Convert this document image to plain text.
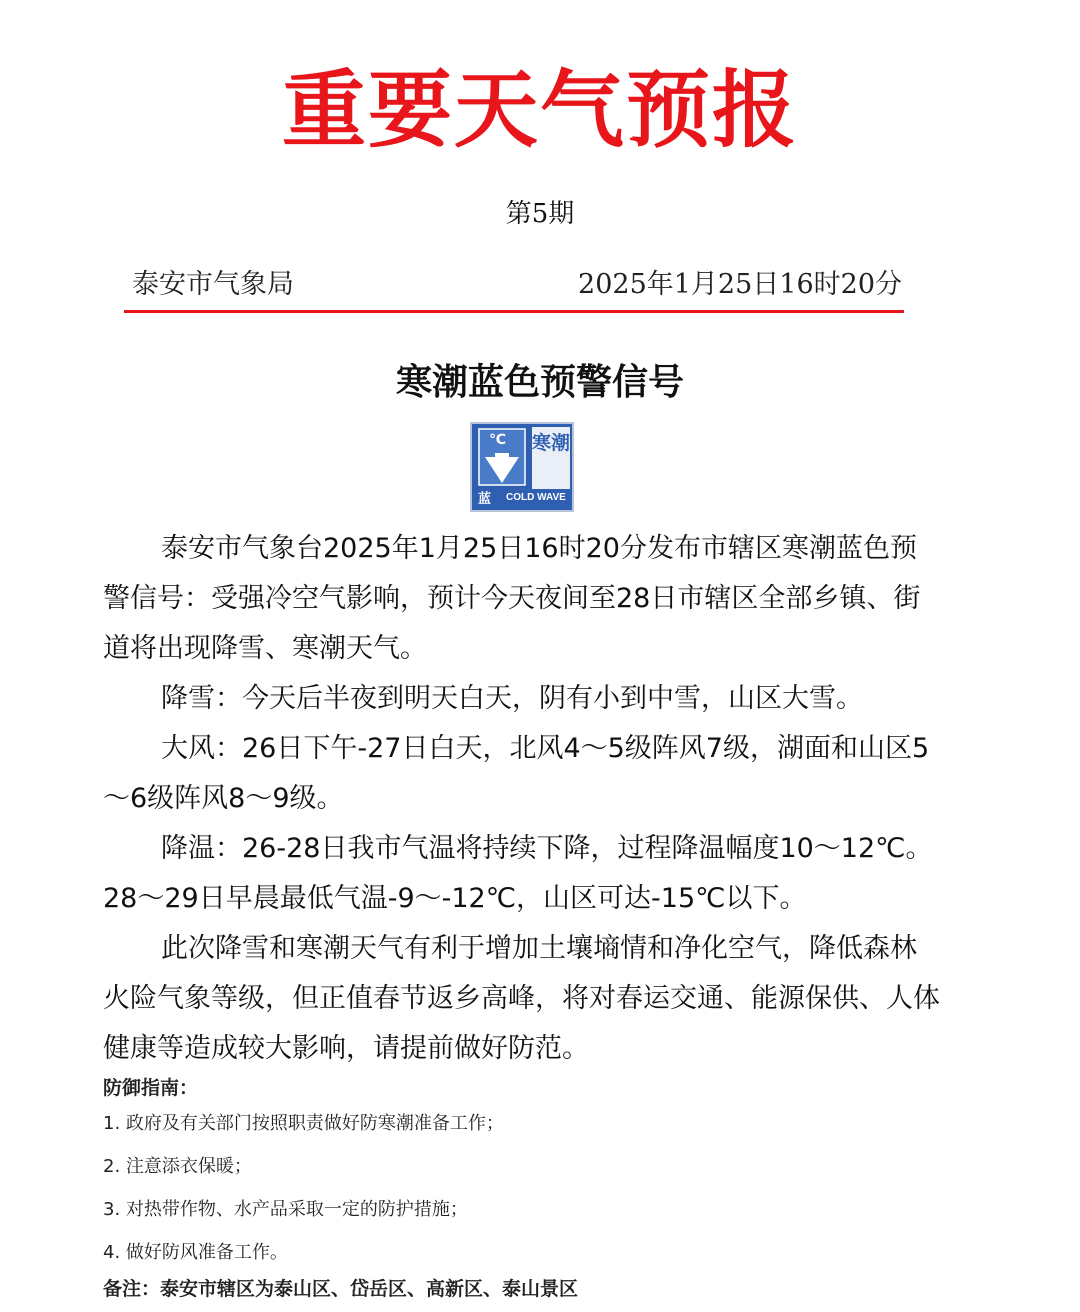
重要天气预报
第5期
泰安市气象局	2025年1月25日16时20分
寒潮蓝色预警信号
℃ 寒潮
蓝 COLD WAVE

泰安市气象台2025年1月25日16时20分发布市辖区寒潮蓝色预警信号：受强冷空气影响，预计今天夜间至28日市辖区全部乡镇、街道将出现降雪、寒潮天气。

降雪：今天后半夜到明天白天，阴有小到中雪，山区大雪。

大风：26日下午-27日白天，北风4～5级阵风7级，湖面和山区5～6级阵风8～9级。

降温：26-28日我市气温将持续下降，过程降温幅度10～12℃。28～29日早晨最低气温-9～-12℃，山区可达-15℃以下。

此次降雪和寒潮天气有利于增加土壤墒情和净化空气，降低森林火险气象等级，但正值春节返乡高峰，将对春运交通、能源保供、人体健康等造成较大影响，请提前做好防范。

防御指南：
1. 政府及有关部门按照职责做好防寒潮准备工作；
2. 注意添衣保暖；
3. 对热带作物、水产品采取一定的防护措施；
4. 做好防风准备工作。
备注：泰安市辖区为泰山区、岱岳区、高新区、泰山景区
